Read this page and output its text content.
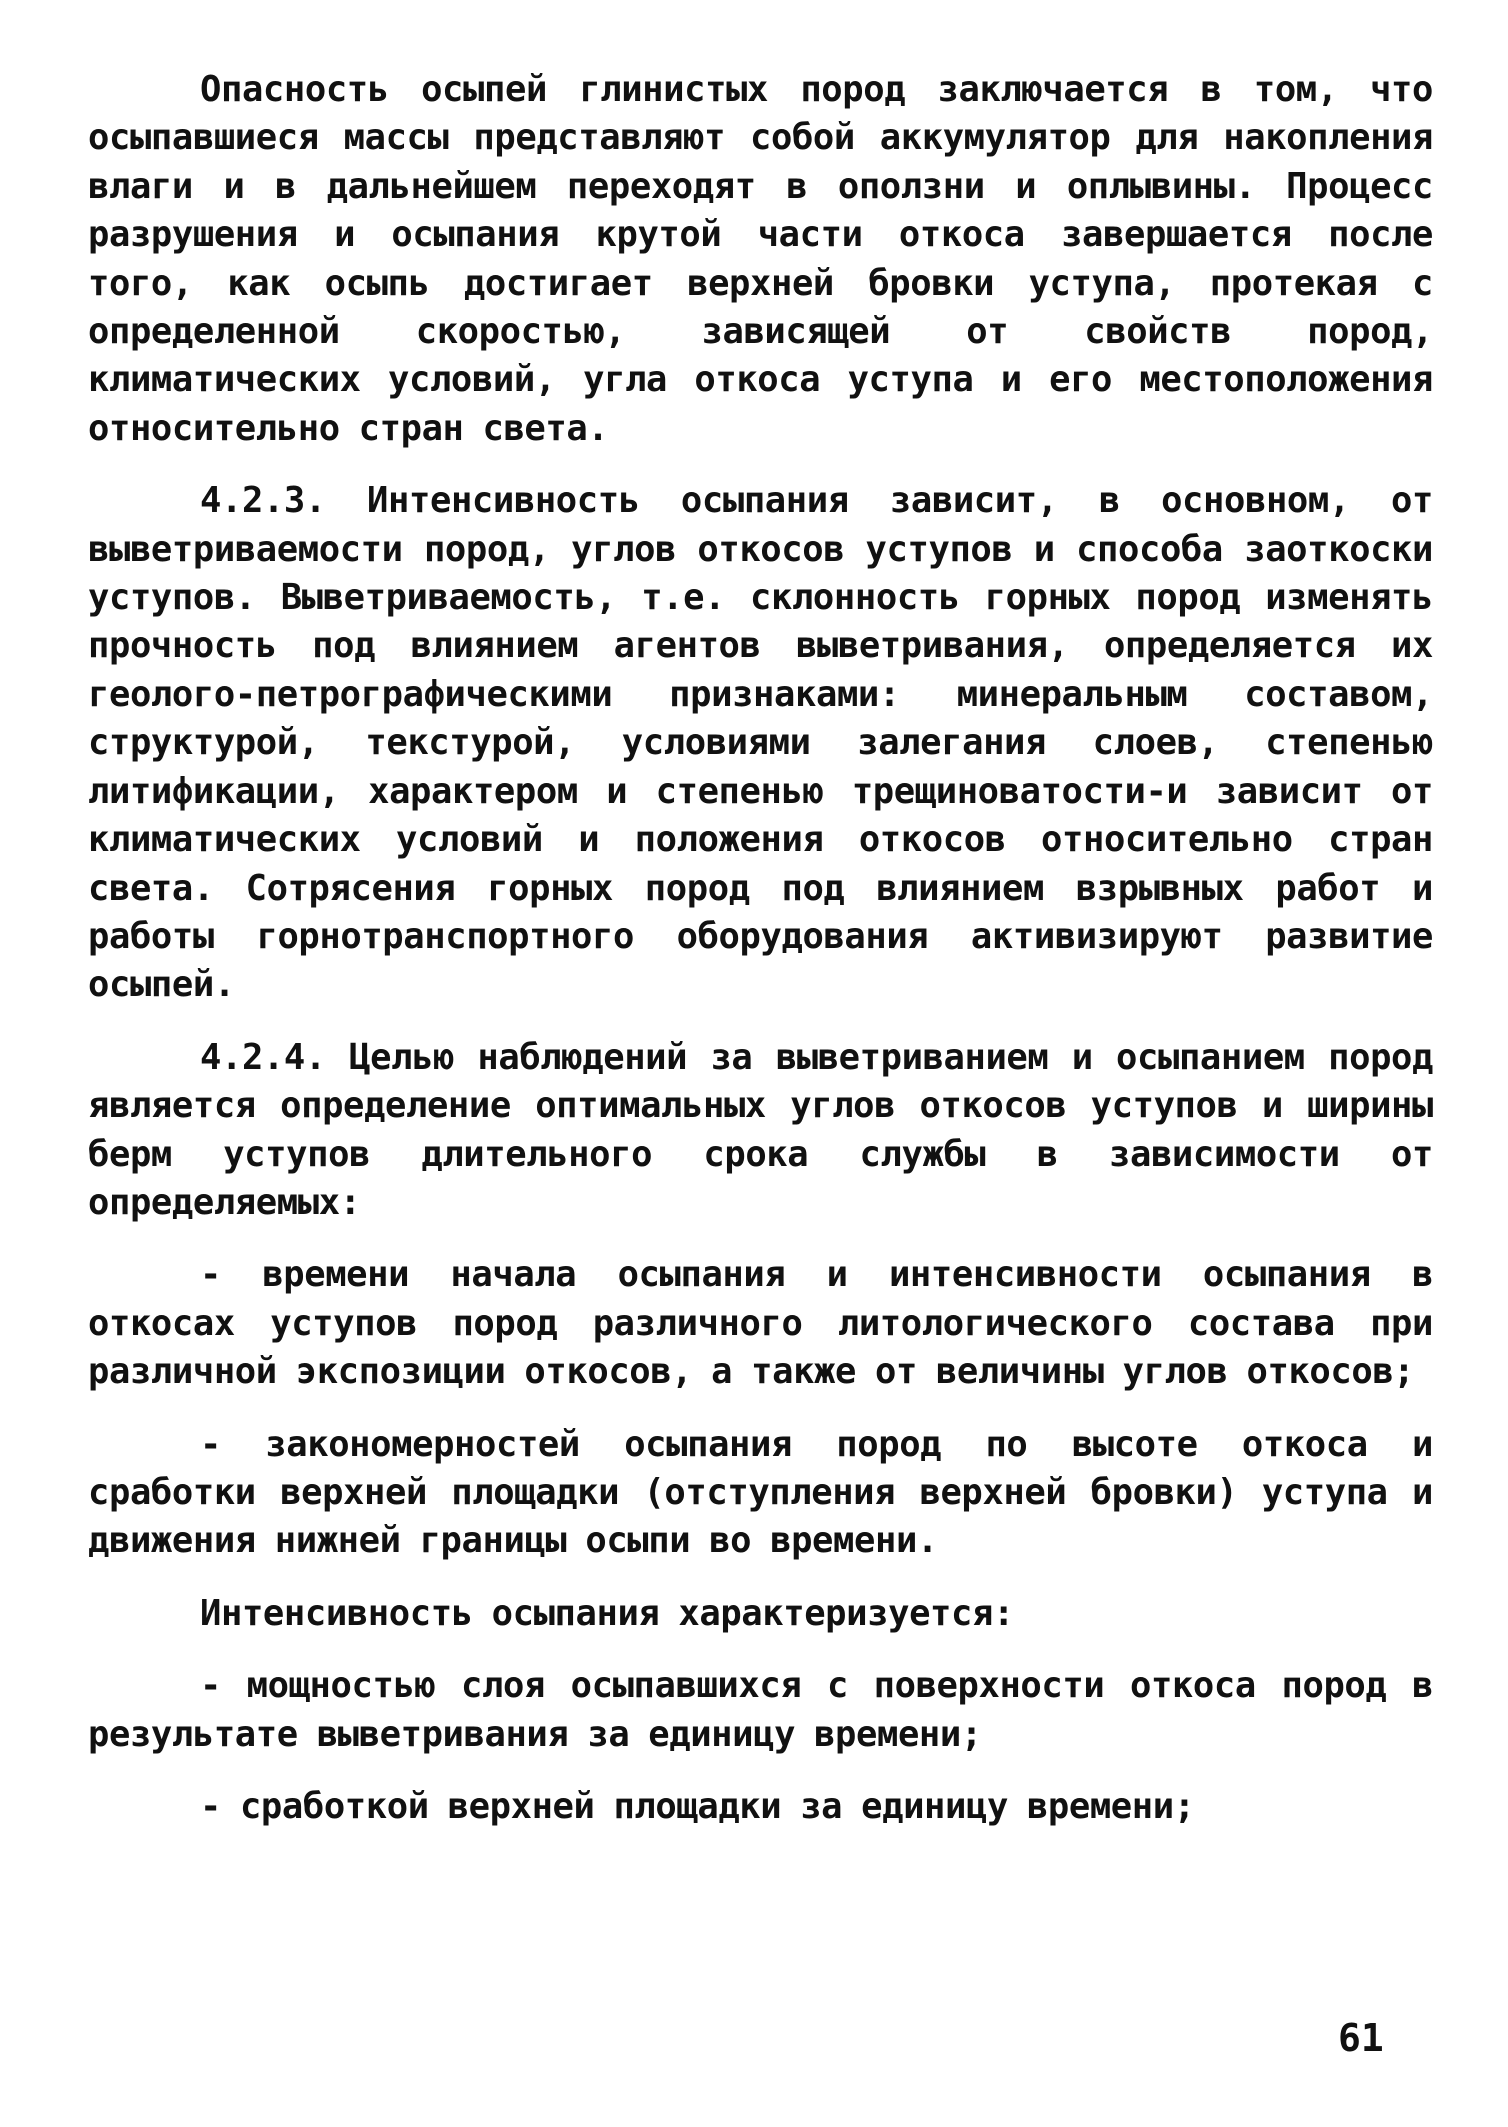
Опасность осыпей глинистых пород заключается в том, что осыпавшиеся массы представляют собой аккумулятор для накопления влаги и в дальнейшем переходят в оползни и оплывины. Процесс разрушения и осыпания крутой части откоса завершается после того, как осыпь достигает верхней бровки уступа, протекая с определенной скоростью, зависящей от свойств пород, климатических условий, угла откоса уступа и его местоположения относительно стран света.

4.2.3. Интенсивность осыпания зависит, в основном, от выветриваемости пород, углов откосов уступов и способа заоткоски уступов. Выветриваемость, т.е. склонность горных пород изменять прочность под влиянием агентов выветривания, определяется их геолого-петрографическими признаками: минеральным составом, структурой, текстурой, условиями залегания слоев, степенью литификации, характером и степенью трещиноватости-и зависит от климатических условий и положения откосов относительно стран света. Сотрясения горных пород под влиянием взрывных работ и работы горнотранспортного оборудования активизируют развитие осыпей.

4.2.4. Целью наблюдений за выветриванием и осыпанием пород является определение оптимальных углов откосов уступов и ширины берм уступов длительного срока службы в зависимости от определяемых:

- времени начала осыпания и интенсивности осыпания в откосах уступов пород различного литологического состава при различной экспозиции откосов, а также от величины углов откосов;

- закономерностей осыпания пород по высоте откоса и сработки верхней площадки (отступления верхней бровки) уступа и движения нижней границы осыпи во времени.

Интенсивность осыпания характеризуется:

- мощностью слоя осыпавшихся с поверхности откоса пород в результате выветривания за единицу времени;

- сработкой верхней площадки за единицу времени;

61
